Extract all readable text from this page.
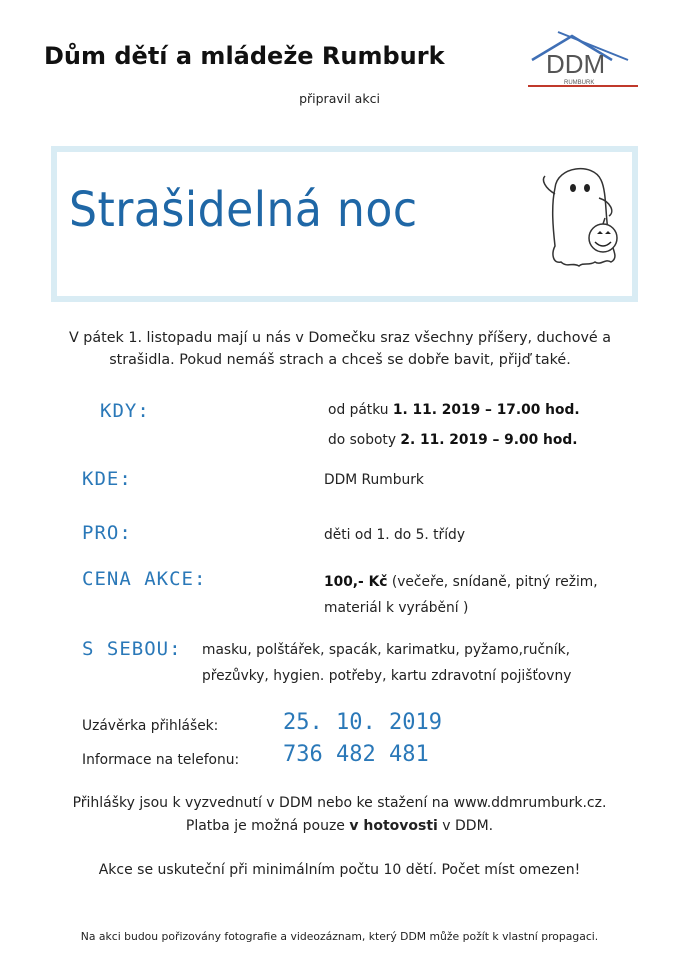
Dům dětí a mládeže Rumburk	DDM
RUMBURK
připravil akci
Strašidelná noc
V pátek 1. listopadu mají u nás v Domečku sraz všechny příšery, duchové a
strašidla. Pokud nemáš strach a chceš se dobře bavit, přijď také.
KDY:	od pátku 1. 11. 2019 – 17.00 hod.
do soboty 2. 11. 2019 – 9.00 hod.
KDE:	DDM Rumburk
PRO:	děti od 1. do 5. třídy
CENA AKCE:	100,- Kč (večeře, snídaně, pitný režim,
materiál k vyrábění )
S SEBOU: masku, polštářek, spacák, karimatku, pyžamo,ručník,
přezůvky, hygien. potřeby, kartu zdravotní pojišťovny
Uzávěrka přihlášek:	25. 10. 2019
Informace na telefonu: 736 482 481
Přihlášky jsou k vyzvednutí v DDM nebo ke stažení na www.ddmrumburk.cz.
Platba je možná pouze v hotovosti v DDM.
Akce se uskuteční při minimálním počtu 10 dětí. Počet míst omezen!
Na akci budou pořizovány fotografie a videozáznam, který DDM může požít k vlastní propagaci.
